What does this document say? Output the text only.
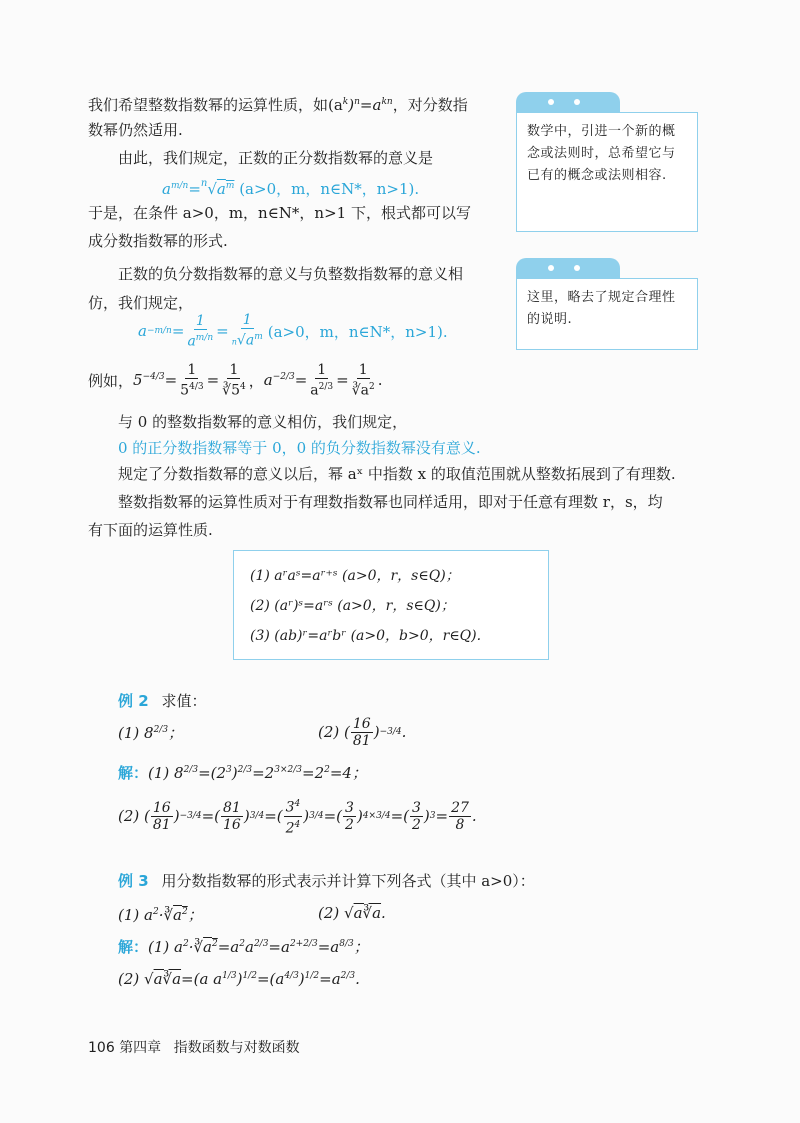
我们希望整数指数幂的运算性质，如$(a^k)^n=a^{kn}$，对分数指
数幂仍然适用.
由此，我们规定，正数的正分数指数幂的意义是
$a^{m/n}=^n√a^m$ (a>0，m，n∈N*，n>1).
于是，在条件 a>0，m，n∈N*，n>1 下，根式都可以写
成分数指数幂的形式.
正数的负分数指数幂的意义与负整数指数幂的意义相
仿，我们规定，
$a -m/n = \frac{1}{a^{m/n}} = \frac{1}{n√a^m} (a>0$，m，n∈N*，n>1).
例如， $5^{-4/3}= \frac{1}{5^{4/3}} = \frac{1}{∛5^4}$ ， $a^{-2/3}= \frac{1}{a^{2/3}} = \frac{1}{∛a^2}$ .
与 0 的整数指数幂的意义相仿，我们规定，
0 的正分数指数幂等于 0，0 的负分数指数幂没有意义.
规定了分数指数幂的意义以后，幂 aˣ 中指数 x 的取值范围就从整数拓展到了有理数.
整数指数幂的运算性质对于有理数指数幂也同样适用，即对于任意有理数 r，s，均
有下面的运算性质.
(1) aʳaˢ=aʳ⁺ˢ (a>0，r，s∈Q)；
(2) (aʳ)ˢ=aʳˢ (a>0，r，s∈Q)；
(3) (ab)ʳ=aʳbʳ (a>0，b>0，r∈Q).
数学中，引进一个新的概念或法则时，总希望它与已有的概念或法则相容.
这里，略去了规定合理性的说明.
例 2 求值：
(1) $8^{2/3}$；	(2) ( $\frac{16}{81}$ ) −3/4 .
解：(1) $8^{2/3}=(2^3)^{2/3}=2^{3\times 2/3}=2^2=4$；
(2) ( $\frac{16}{81}$ ) −3/4 =( $\frac{81}{16}$ ) 3/4 =( $\frac{3^4}{2^4}$ ) 3/4 =( $\frac{3}{2}$ ) 4×3/4 =( $\frac{3}{2}$ ) $3 = \frac{27}{8}$ .
例 3 用分数指数幂的形式表示并计算下列各式（其中 a>0）：
(1) $a^2\cdot∛a^2$；	(2) √a∛a.
解：(1) $a^2\cdot∛a^2=a^2a^{2/3}=a^{2+2/3}=a^{8/3}$；
(2) √a∛a=(a $a^{1/3})^{1/2}=(a^{4/3})^{1/2}=a^{2/3}$.
106 第四章 指数函数与对数函数
